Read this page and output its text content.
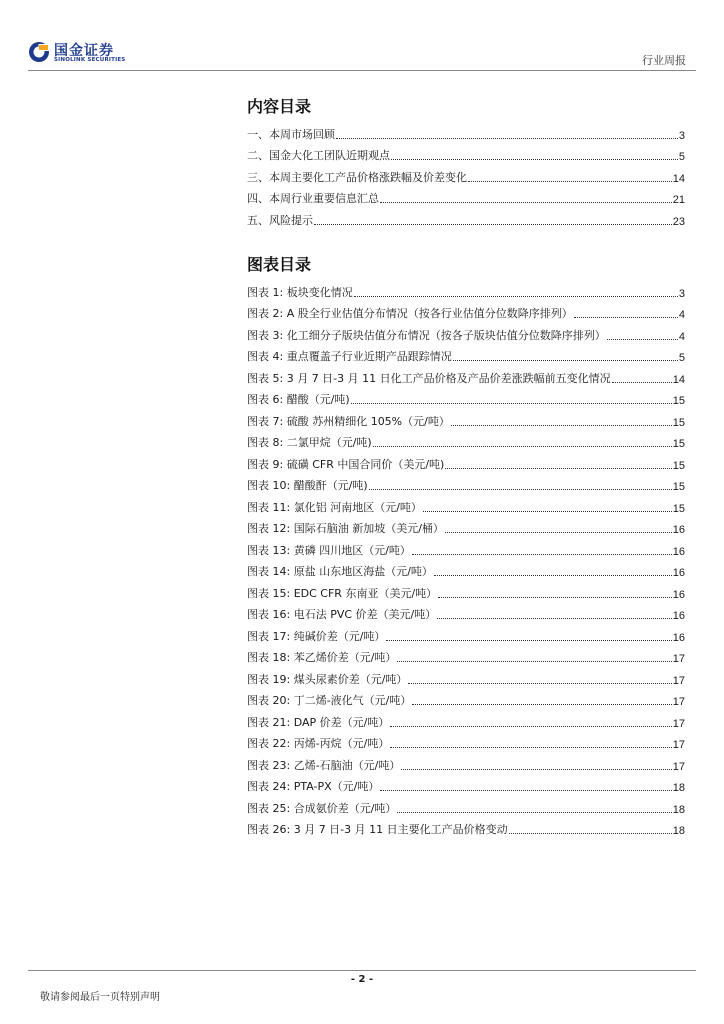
国金证券
SINOLINK SECURITIES	行业周报
内容目录
一、本周市场回顾	3
二、国金大化工团队近期观点	5
三、本周主要化工产品价格涨跌幅及价差变化	14
四、本周行业重要信息汇总	21
五、风险提示	23
图表目录
图表 1: 板块变化情况	3
图表 2: A 股全行业估值分布情况（按各行业估值分位数降序排列）	4
图表 3: 化工细分子版块估值分布情况（按各子版块估值分位数降序排列）	4
图表 4: 重点覆盖子行业近期产品跟踪情况	5
图表 5: 3 月 7 日-3 月 11 日化工产品价格及产品价差涨跌幅前五变化情况	14
图表 6: 醋酸（元/吨)	15
图表 7: 硫酸 苏州精细化 105%（元/吨）	15
图表 8: 二氯甲烷（元/吨)	15
图表 9: 硫磺 CFR 中国合同价（美元/吨)	15
图表 10: 醋酸酐（元/吨)	15
图表 11: 氯化铝 河南地区（元/吨）	15
图表 12: 国际石脑油 新加坡（美元/桶）	16
图表 13: 黄磷 四川地区（元/吨）	16
图表 14: 原盐 山东地区海盐（元/吨）	16
图表 15: EDC CFR 东南亚（美元/吨）	16
图表 16: 电石法 PVC 价差（美元/吨）	16
图表 17: 纯碱价差（元/吨）	16
图表 18: 苯乙烯价差（元/吨）	17
图表 19: 煤头尿素价差（元/吨）	17
图表 20: 丁二烯-液化气（元/吨）	17
图表 21: DAP 价差（元/吨）	17
图表 22: 丙烯-丙烷（元/吨）	17
图表 23: 乙烯-石脑油（元/吨）	17
图表 24: PTA-PX（元/吨）	18
图表 25: 合成氨价差（元/吨）	18
图表 26: 3 月 7 日-3 月 11 日主要化工产品价格变动	18
- 2 -
敬请参阅最后一页特别声明
